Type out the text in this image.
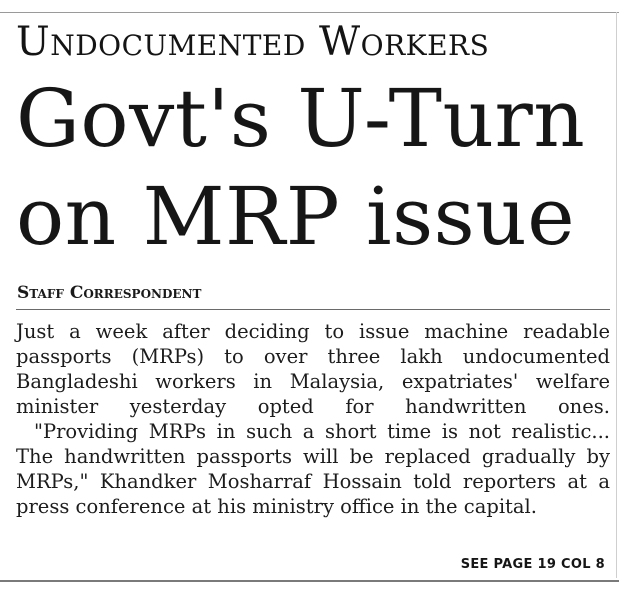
Undocumented Workers
Govt's U-Turn
on MRP issue
Staff Correspondent
Just a week after deciding to issue machine readable
passports (MRPs) to over three lakh undocumented
Bangladeshi workers in Malaysia, expatriates' welfare
minister yesterday opted for handwritten ones.
"Providing MRPs in such a short time is not realistic...
The handwritten passports will be replaced gradually by
MRPs," Khandker Mosharraf Hossain told reporters at a
press conference at his ministry office in the capital.
SEE PAGE 19 COL 8
